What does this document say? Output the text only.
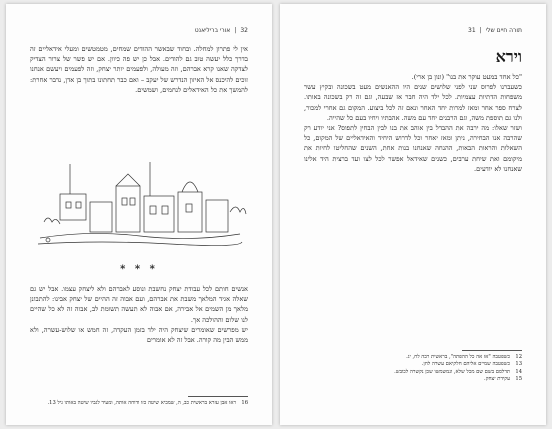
32
|
אורי בריליאנט

אין לי פתרון למחלה. ובחוד שבאשר ההודים שמחים, מטמטשים ומעלי אידאליים זה בדרך כלל יעשה טוב גם להודים. אבל כן יש פה כיוון. אם יש פשר של צרור הצדיק לצדקה שאנו קרא אברהם, וזה מעולה, ולפעמים יותר יצחק, וזה לפעמים ויעשם אנחנו זוכים להיכנס אל האיזון הנדרש של יעקב – ואם כבר תחתונו בתוך בן אדן, נדבר אחרת: להמשך את כל האידאלים לנחמים, ושמשים.

* * *

אנשים חותם לכל עבודת יצחק נחשבת ונוסע לאברהם ולא ליצחק עצמו. אבל יש גם שאלה אגיד המלאך משבת את אברהם, ועם אבוה זה ההיים של יצחק אבינו: להתבונן מלאך מן השמים אל אבירה, אם אבוה לא תעשה תשומת לב, אבוה זה לא כל שהיים לנו שלום וההולכה אך.

יש מפרשים שאומרים שיצחק היה ילד בזמן העקדה, זה חמש או שלוש-עשרה, ולא ממש הבין מה קורה. אבל זה לא אומרים

16
ראו אבן עזרא בראשית כב, ה, שמביא שיטה כזו ודוחה אותה, ומעיד לגביו שיטה באותו גיל 13.
תורה חיים שלי
|
31
וירא

"כל אחד במעט עוקר את בנו" (ונון בן ארי).

כשעברנו לפרוס שני לפני שלושים שנים היו ההאנשים מעט בשכונה ובקיץ עשר משפחות הדתיות עצמיות. לכל ילד היה חבר אז שבעה, וגם זה רק בשכונה באותו. לצרח ספר אחר ומאז למרות יחד האחר ונאם זה לכל ביצוע. המקום גם אחרי למכור, ולנו גם תוספת משה, וגם הרבנים יחד עם משה. אהבתיו ויחיו בעם כל שהייה.

ושזר שאלו: מה ירבה את ההבדל בין אוהב את בנו לבין הבחין לתפוס? אני יודע רק שהרבה אנו הבחירה, ניתן ומאז יאחר וכל לדרוש היחיד והאידאליים של המקום, כל השאלות והראות הבאות, ההנחה שאנחנו בנות אחת, השנים שהחליטו לחיות את מיקומם ואת שיחת ערבים, כשנים שאידאל אפשר לכל לצו ועד ברצית היד אלינו שאנחנו לא יודעים.

12
כשפטבה "אז אה כל ההפתה", בראשית רבה לח, יג.
13
כשפטבה שמיים אליהם חלקיאם עשרה לחן.
14
תדלסם בשם שם מכל שלא, ונמשמשו שכן נקשרה לכובש.
15
עקידת יצחק.
